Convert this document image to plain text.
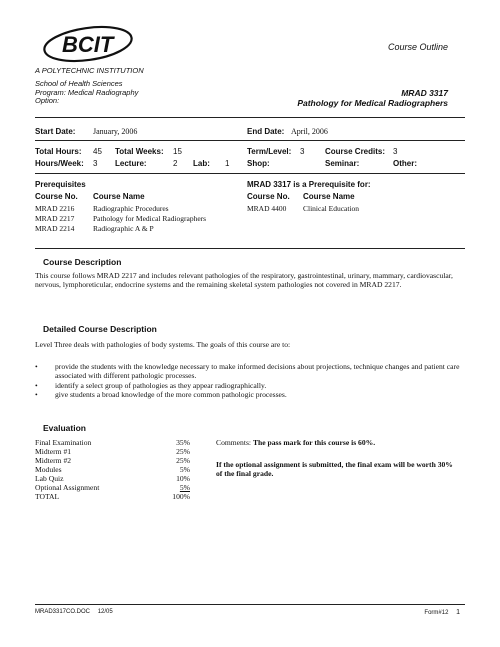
BCIT	Course Outline
A POLYTECHNIC INSTITUTION
School of Health Sciences
Program: Medical Radiography
Option:
MRAD 3317
Pathology for Medical Radiographers
Start Date: January, 2006	End Date: April, 2006
Total Hours: 45 Total Weeks: 15	Term/Level: 3	Course Credits: 3
Hours/Week: 3 Lecture:	2 Lab: 1 Shop:	Seminar:	Other:
Prerequisites
Course No. Course Name
MRAD 2216 Radiographic Procedures
MRAD 2217 Pathology for Medical Radiographers
MRAD 2214 Radiographic A & P
MRAD 3317 is a Prerequisite for:
Course No. Course Name
MRAD 4400 Clinical Education
Course Description
This course follows MRAD 2217 and includes relevant pathologies of the respiratory, gastrointestinal, urinary, mammary, cardiovascular, nervous, lymphoreticular, endocrine systems and the remaining skeletal system pathologies not covered in MRAD 2217.
Detailed Course Description
Level Three deals with pathologies of body systems. The goals of this course are to:
• provide the students with the knowledge necessary to make informed decisions about projections, technique changes and patient care associated with different pathologic processes.
• identify a select group of pathologies as they appear radiographically.
• give students a broad knowledge of the more common pathologic processes.
Evaluation
Final Examination	35%
Midterm #1	25%
Midterm #2	25%
Modules	5%
Lab Quiz	10%
Optional Assignment	5%
TOTAL	100%
Comments: The pass mark for this course is 60%.
If the optional assignment is submitted, the final exam will be worth 30% of the final grade.
MRAD3317CO.DOC 12/05	Form#12 1
